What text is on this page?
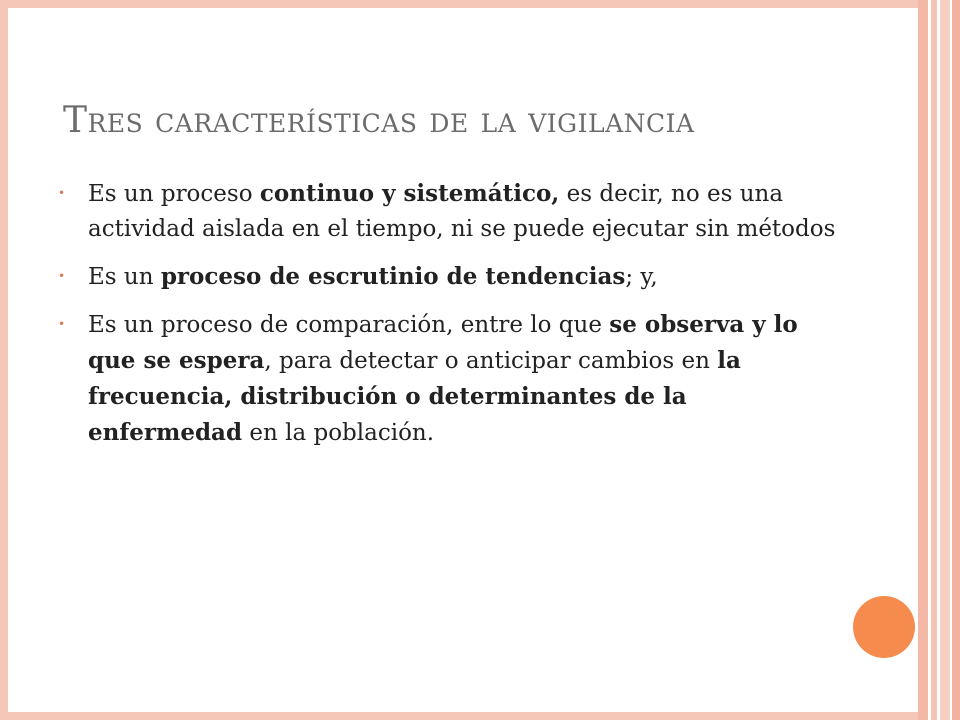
Tres características de la vigilancia
• Es un proceso continuo y sistemático, es decir, no es una actividad aislada en el tiempo, ni se puede ejecutar sin métodos
• Es un proceso de escrutinio de tendencias; y,
• Es un proceso de comparación, entre lo que se observa y lo que se espera, para detectar o anticipar cambios en la frecuencia, distribución o determinantes de la enfermedad en la población.
